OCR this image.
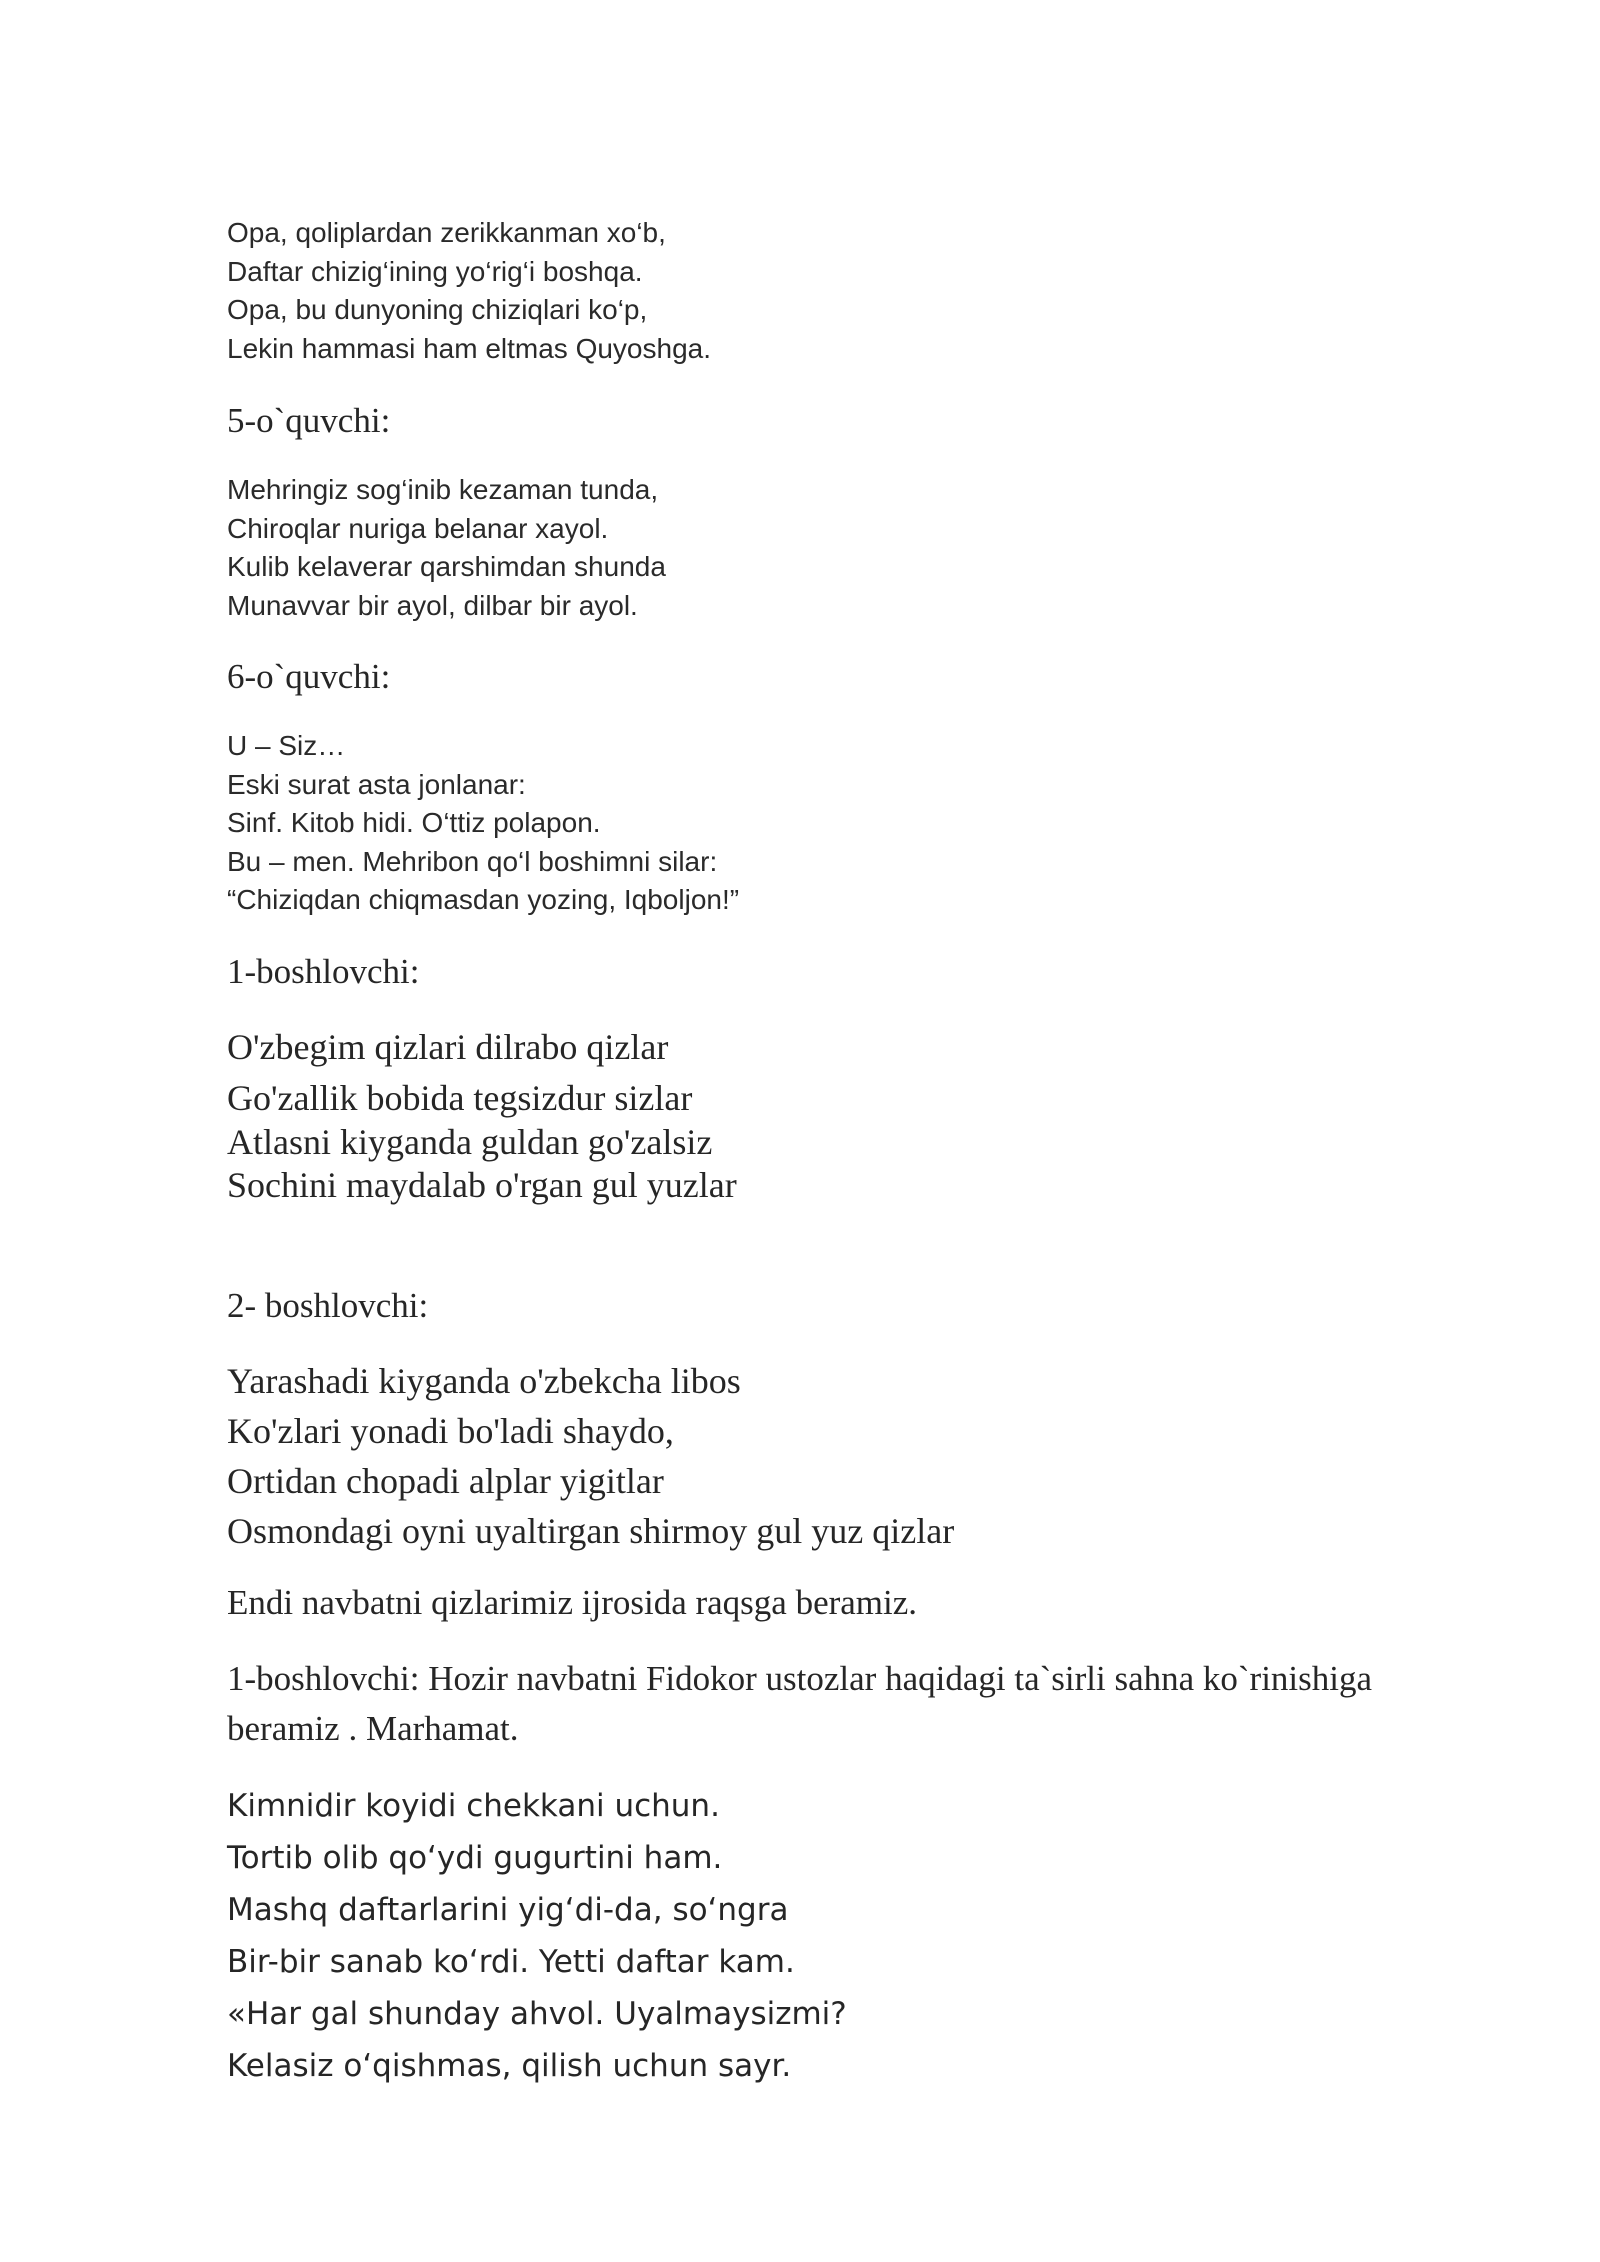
Opa, qoliplardan zerikkanman xo‘b,
Daftar chizig‘ining yo‘rig‘i boshqa.
Opa, bu dunyoning chiziqlari ko‘p,
Lekin hammasi ham eltmas Quyoshga.
5-o`quvchi:
Mehringiz sog‘inib kezaman tunda,
Chiroqlar nuriga belanar xayol.
Kulib kelaverar qarshimdan shunda
Munavvar bir ayol, dilbar bir ayol.
6-o`quvchi:
U – Siz…
Eski surat asta jonlanar:
Sinf. Kitob hidi. O‘ttiz polapon.
Bu – men. Mehribon qo‘l boshimni silar:
“Chiziqdan chiqmasdan yozing, Iqboljon!”
1-boshlovchi:
O'zbegim qizlari dilrabo qizlar
Go'zallik bobida tegsizdur sizlar
Atlasni kiyganda guldan go'zalsiz
Sochini maydalab o'rgan gul yuzlar
2- boshlovchi:
Yarashadi kiyganda o'zbekcha libos
Ko'zlari yonadi bo'ladi shaydo,
Ortidan chopadi alplar yigitlar
Osmondagi oyni uyaltirgan shirmoy gul yuz qizlar
Endi navbatni qizlarimiz ijrosida raqsga beramiz.
1-boshlovchi: Hozir navbatni Fidokor ustozlar haqidagi ta`sirli sahna ko`rinishiga
beramiz . Marhamat.
Kimnidir koyidi chekkani uchun.
Tortib olib qo‘ydi gugurtini ham.
Mashq daftarlarini yig‘di-da, so‘ngra
Bir-bir sanab ko‘rdi. Yetti daftar kam.
«Har gal shunday ahvol. Uyalmaysizmi?
Kelasiz o‘qishmas, qilish uchun sayr.
